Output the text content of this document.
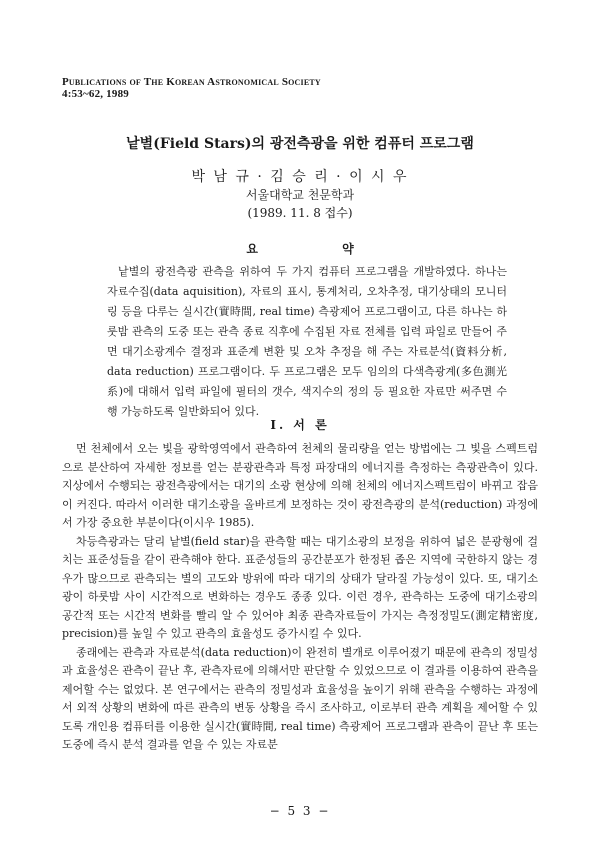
Publications of The Korean Astronomical Society
4:53~62, 1989
낱별(Field Stars)의 광전측광을 위한 컴퓨터 프로그램
박 남 규 · 김 승 리 · 이 시 우
서울대학교 천문학과
(1989. 11. 8 접수)
요 약

낱별의 광전측광 관측을 위하여 두 가지 컴퓨터 프로그램을 개발하였다. 하나는 자료수집(data aquisition), 자료의 표시, 통계처리, 오차추정, 대기상태의 모니터링 등을 다루는 실시간(實時間, real time) 측광제어 프로그램이고, 다른 하나는 하룻밤 관측의 도중 또는 관측 종료 직후에 수집된 자료 전체를 입력 파일로 만들어 주면 대기소광계수 결정과 표준계 변환 및 오차 추정을 해 주는 자료분석(資料分析, data reduction) 프로그램이다. 두 프로그램은 모두 임의의 다색측광계(多色測光系)에 대해서 입력 파일에 필터의 갯수, 색지수의 정의 등 필요한 자료만 써주면 수행 가능하도록 일반화되어 있다.

I. 서 론

먼 천체에서 오는 빛을 광학영역에서 관측하여 천체의 물리량을 얻는 방법에는 그 빛을 스펙트럼으로 분산하여 자세한 정보를 얻는 분광관측과 특정 파장대의 에너지를 측정하는 측광관측이 있다. 지상에서 수행되는 광전측광에서는 대기의 소광 현상에 의해 천체의 에너지스펙트럼이 바뀌고 잡음이 커진다. 따라서 이러한 대기소광을 올바르게 보정하는 것이 광전측광의 분석(reduction) 과정에서 가장 중요한 부분이다(이시우 1985).

차등측광과는 달리 낱별(field star)을 관측할 때는 대기소광의 보정을 위하여 넓은 분광형에 걸치는 표준성들을 같이 관측해야 한다. 표준성들의 공간분포가 한정된 좁은 지역에 국한하지 않는 경우가 많으므로 관측되는 별의 고도와 방위에 따라 대기의 상태가 달라질 가능성이 있다. 또, 대기소광이 하룻밤 사이 시간적으로 변화하는 경우도 종종 있다. 이런 경우, 관측하는 도중에 대기소광의 공간적 또는 시간적 변화를 빨리 알 수 있어야 최종 관측자료들이 가지는 측정정밀도(測定精密度, precision)를 높일 수 있고 관측의 효율성도 증가시킬 수 있다.

종래에는 관측과 자료분석(data reduction)이 완전히 별개로 이루어졌기 때문에 관측의 정밀성과 효율성은 관측이 끝난 후, 관측자료에 의해서만 판단할 수 있었으므로 이 결과를 이용하여 관측을 제어할 수는 없었다. 본 연구에서는 관측의 정밀성과 효율성을 높이기 위해 관측을 수행하는 과정에서 외적 상황의 변화에 따른 관측의 변동 상황을 즉시 조사하고, 이로부터 관측 계획을 제어할 수 있도록 개인용 컴퓨터를 이용한 실시간(實時間, real time) 측광제어 프로그램과 관측이 끝난 후 또는 도중에 즉시 분석 결과를 얻을 수 있는 자료분

− 5 3 −
